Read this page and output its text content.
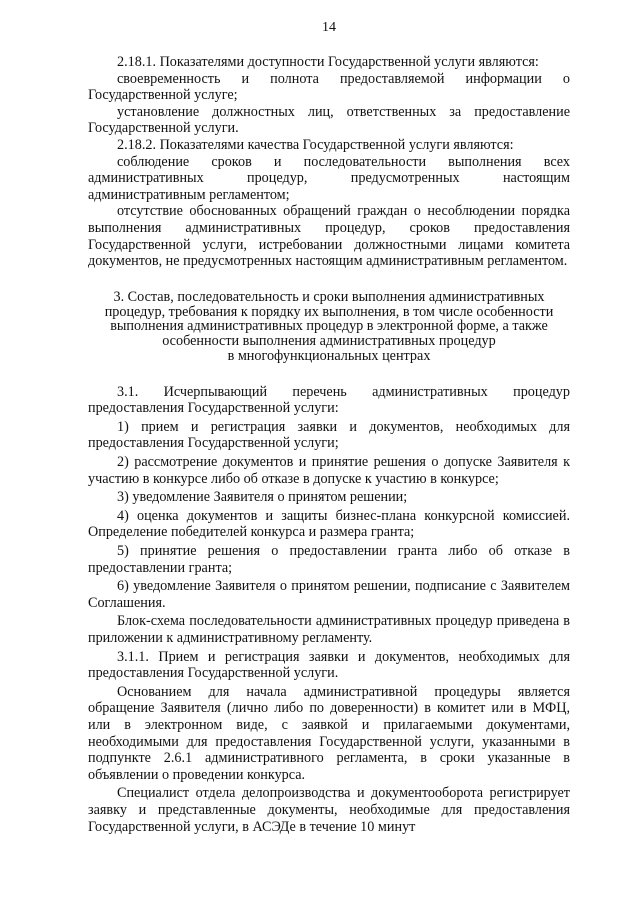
14

2.18.1. Показателями доступности Государственной услуги являются:

своевременность и полнота предоставляемой информации о Государственной услуге;

установление должностных лиц, ответственных за предоставление Государственной услуги.

2.18.2. Показателями качества Государственной услуги являются:

соблюдение сроков и последовательности выполнения всех административных процедур, предусмотренных настоящим административным регламентом;

отсутствие обоснованных обращений граждан о несоблюдении порядка выполнения административных процедур, сроков предоставления Государственной услуги, истребовании должностными лицами комитета документов, не предусмотренных настоящим административным регламентом.

3. Состав, последовательность и сроки выполнения административных
процедур, требования к порядку их выполнения, в том числе особенности
выполнения административных процедур в электронной форме, а также
особенности выполнения административных процедур
в многофункциональных центрах

3.1. Исчерпывающий перечень административных процедур предоставления Государственной услуги:

1) прием и регистрация заявки и документов, необходимых для предоставления Государственной услуги;

2) рассмотрение документов и принятие решения о допуске Заявителя к участию в конкурсе либо об отказе в допуске к участию в конкурсе;

3) уведомление Заявителя о принятом решении;

4) оценка документов и защиты бизнес-плана конкурсной комиссией. Определение победителей конкурса и размера гранта;

5) принятие решения о предоставлении гранта либо об отказе в предоставлении гранта;

6) уведомление Заявителя о принятом решении, подписание с Заявителем Соглашения.

Блок-схема последовательности административных процедур приведена в приложении к административному регламенту.

3.1.1. Прием и регистрация заявки и документов, необходимых для предоставления Государственной услуги.

Основанием для начала административной процедуры является обращение Заявителя (лично либо по доверенности) в комитет или в МФЦ, или в электронном виде, с заявкой и прилагаемыми документами, необходимыми для предоставления Государственной услуги, указанными в подпункте 2.6.1 административного регламента, в сроки указанные в объявлении о проведении конкурса.

Специалист отдела делопроизводства и документооборота регистрирует заявку и представленные документы, необходимые для предоставления Государственной услуги, в АСЭДе в течение 10 минут
